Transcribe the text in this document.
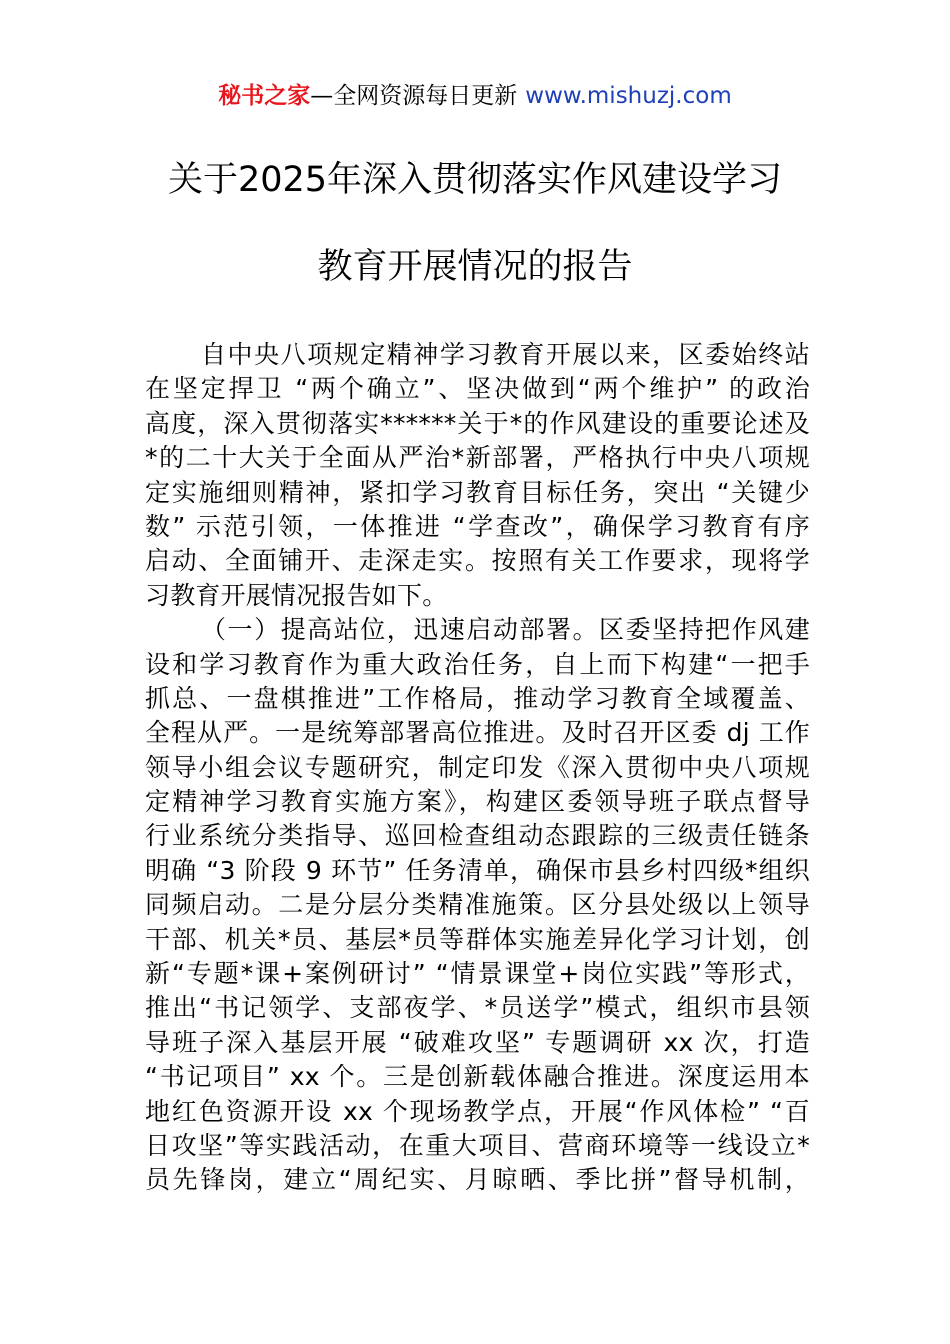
秘书之家—全网资源每日更新 www.mishuzj.com
关于2025年深入贯彻落实作风建设学习
教育开展情况的报告
自中央八项规定精神学习教育开展以来，区委始终站
在坚定捍卫 “两个确立”、坚决做到“两个维护” 的政治
高度，深入贯彻落实******关于*的作风建设的重要论述及
*的二十大关于全面从严治*新部署，严格执行中央八项规
定实施细则精神，紧扣学习教育目标任务，突出 “关键少
数” 示范引领，一体推进 “学查改”，确保学习教育有序
启动、全面铺开、走深走实。按照有关工作要求，现将学
习教育开展情况报告如下。
（一）提高站位，迅速启动部署。区委坚持把作风建
设和学习教育作为重大政治任务，自上而下构建“一把手
抓总、一盘棋推进”工作格局，推动学习教育全域覆盖、
全程从严。一是统筹部署高位推进。及时召开区委 dj 工作
领导小组会议专题研究，制定印发《深入贯彻中央八项规
定精神学习教育实施方案》，构建区委领导班子联点督导
行业系统分类指导、巡回检查组动态跟踪的三级责任链条
明确 “3 阶段 9 环节” 任务清单，确保市县乡村四级*组织
同频启动。二是分层分类精准施策。区分县处级以上领导
干部、机关*员、基层*员等群体实施差异化学习计划，创
新“专题*课+案例研讨” “情景课堂+岗位实践”等形式，
推出“书记领学、支部夜学、*员送学”模式，组织市县领
导班子深入基层开展 “破难攻坚” 专题调研 xx 次，打造
“书记项目” xx 个。三是创新载体融合推进。深度运用本
地红色资源开设 xx 个现场教学点，开展“作风体检” “百
日攻坚”等实践活动，在重大项目、营商环境等一线设立*
员先锋岗，建立“周纪实、月晾晒、季比拼”督导机制，
